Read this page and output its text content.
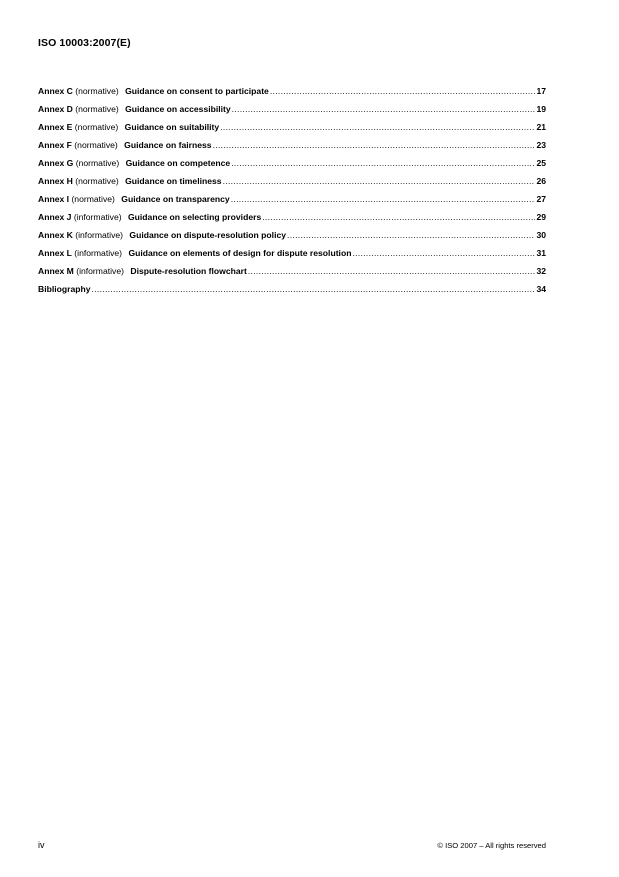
ISO 10003:2007(E)
Annex C (normative) Guidance on consent to participate .....	17
Annex D (normative) Guidance on accessibility .....	19
Annex E (normative) Guidance on suitability .....	21
Annex F (normative) Guidance on fairness .....	23
Annex G (normative) Guidance on competence .....	25
Annex H (normative) Guidance on timeliness .....	26
Annex I (normative) Guidance on transparency .....	27
Annex J (informative) Guidance on selecting providers .....	29
Annex K (informative) Guidance on dispute-resolution policy .....	30
Annex L (informative) Guidance on elements of design for dispute resolution .....	31
Annex M (informative) Dispute-resolution flowchart .....	32
Bibliography .....	34
iv	© ISO 2007 – All rights reserved
